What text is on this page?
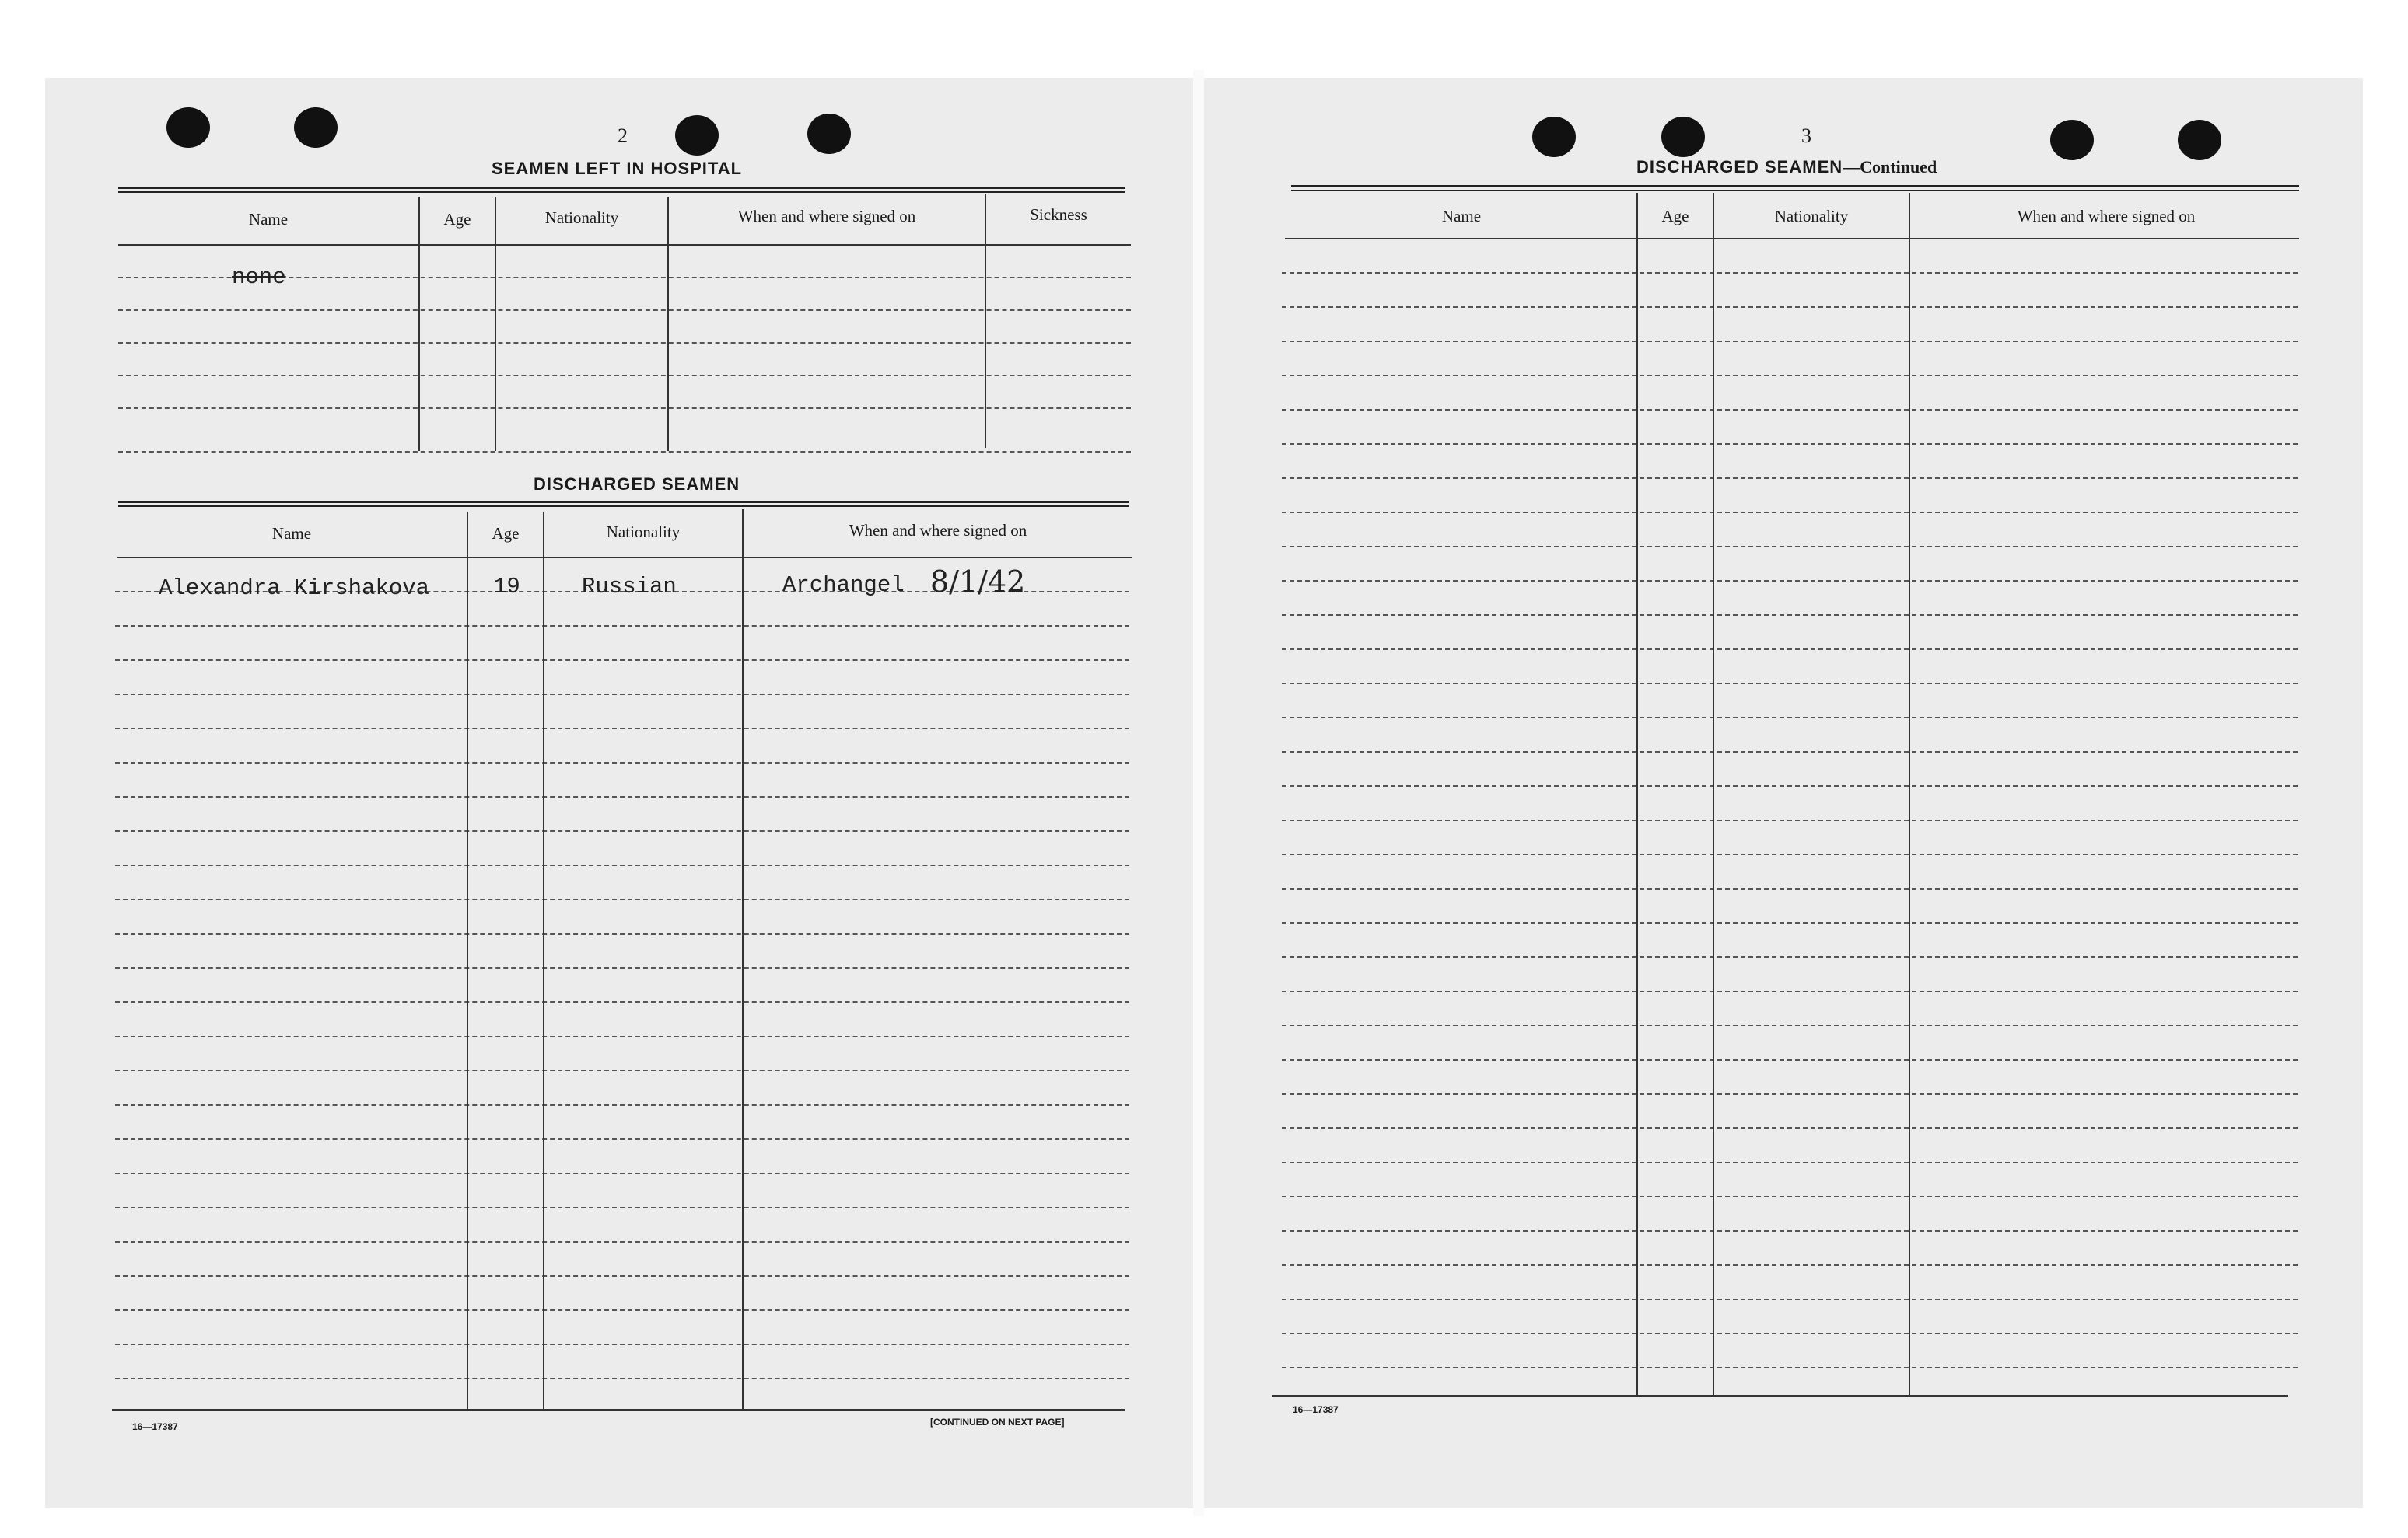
2
SEAMEN LEFT IN HOSPITAL
Name	Age	Nationality	When and where signed on	Sickness
none
DISCHARGED SEAMEN
Name	Age	Nationality	When and where signed on
Alexandra Kirshakova	19	Russian	Archangel 8/1/42
16—17387	[CONTINUED ON NEXT PAGE]
3
DISCHARGED SEAMEN—Continued
Name	Age	Nationality	When and where signed on
16—17387
